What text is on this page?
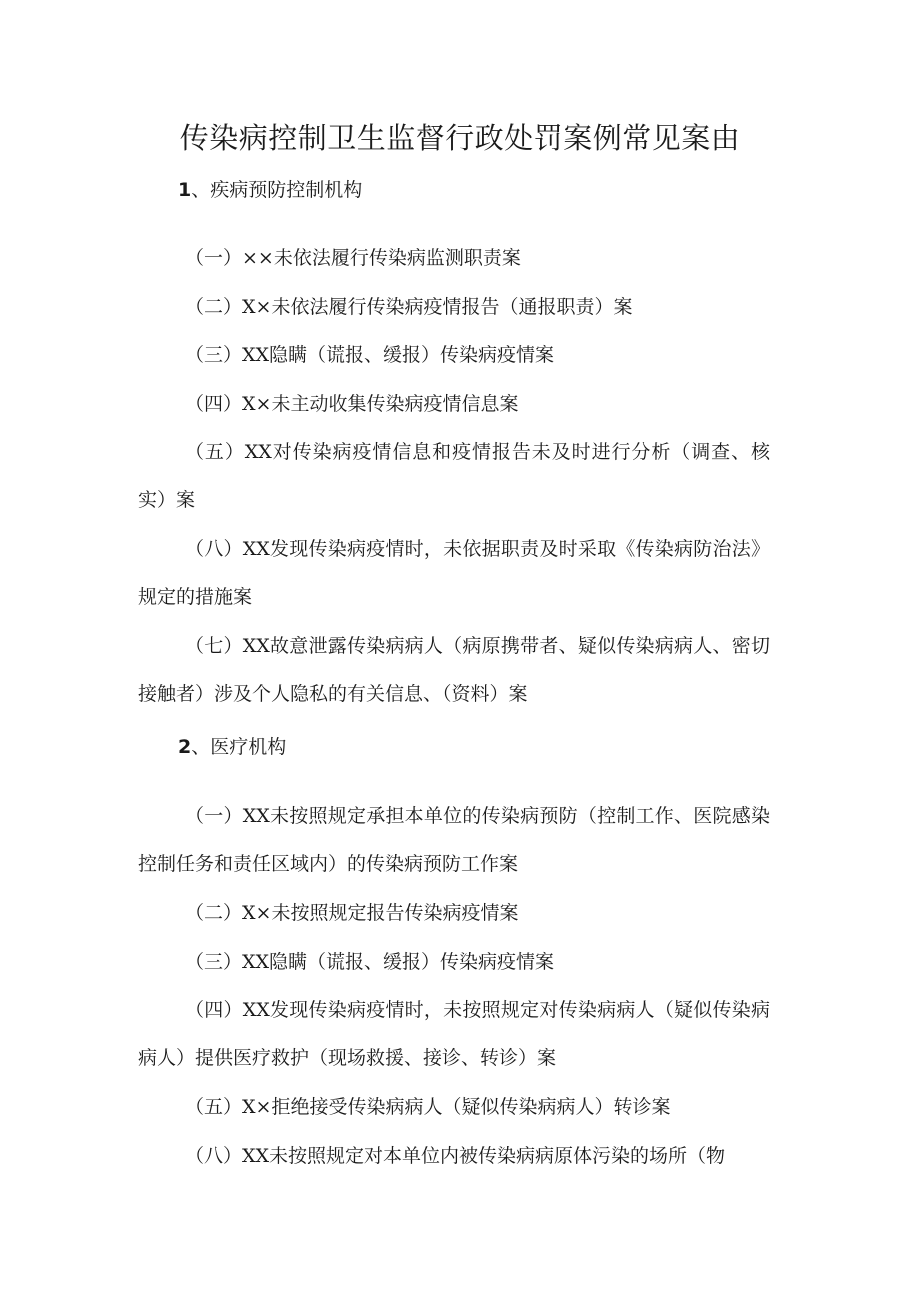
传染病控制卫生监督行政处罚案例常见案由
1、疾病预防控制机构
（一）××未依法履行传染病监测职责案
（二）X×未依法履行传染病疫情报告（通报职责）案
（三）XX隐瞒（谎报、缓报）传染病疫情案
（四）X×未主动收集传染病疫情信息案
（五）XX对传染病疫情信息和疫情报告未及时进行分析（调查、核实）案
（八）XX发现传染病疫情时，未依据职责及时采取《传染病防治法》规定的措施案
（七）XX故意泄露传染病病人（病原携带者、疑似传染病病人、密切接触者）涉及个人隐私的有关信息、（资料）案
2、医疗机构
（一）XX未按照规定承担本单位的传染病预防（控制工作、医院感染控制任务和责任区域内）的传染病预防工作案
（二）X×未按照规定报告传染病疫情案
（三）XX隐瞒（谎报、缓报）传染病疫情案
（四）XX发现传染病疫情时，未按照规定对传染病病人（疑似传染病病人）提供医疗救护（现场救援、接诊、转诊）案
（五）X×拒绝接受传染病病人（疑似传染病病人）转诊案
（八）XX未按照规定对本单位内被传染病病原体污染的场所（物
